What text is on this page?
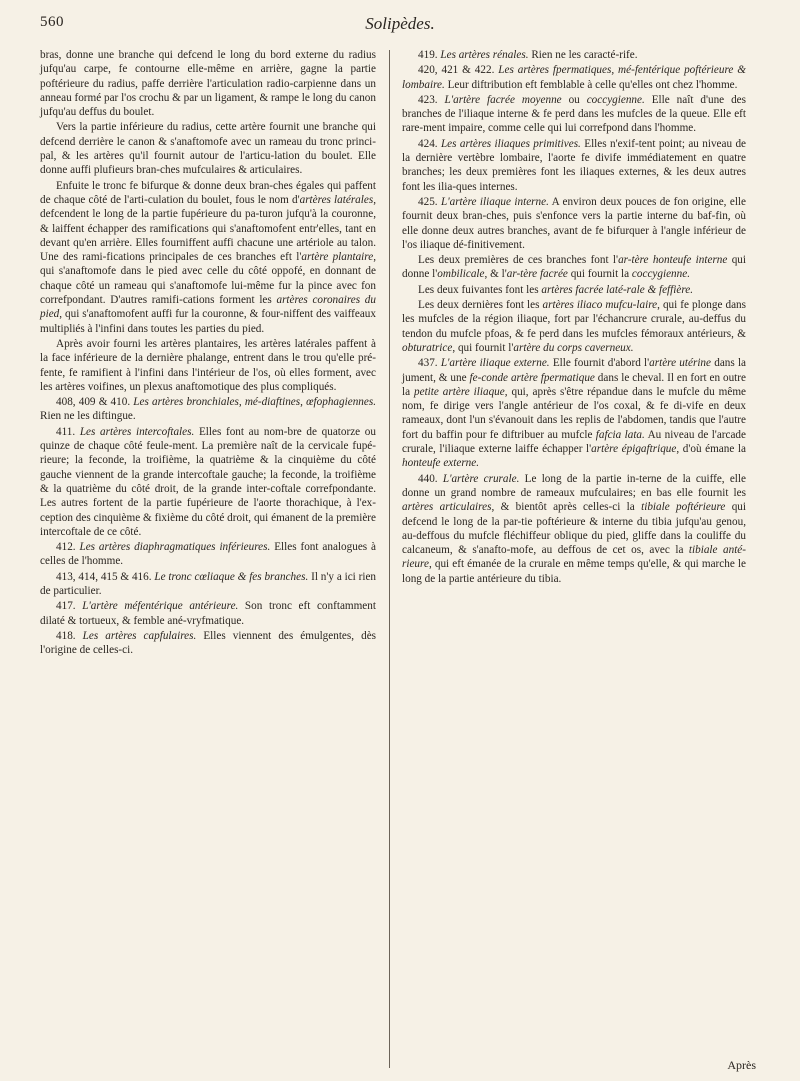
560	Solipèdes.

bras, donne une branche qui defcend le long du bord externe du radius jufqu'au carpe, fe contourne elle-même en arrière, gagne la partie poftérieure du radius, paffe derrière l'articulation radio-carpienne dans un anneau formé par l'os crochu & par un ligament, & rampe le long du canon jufqu'au deffus du boulet.

Vers la partie inférieure du radius, cette artère fournit une branche qui defcend derrière le canon & s'anaftomofe avec un rameau du tronc princi-pal, & les artères qu'il fournit autour de l'articu-lation du boulet. Elle donne auffi plufieurs bran-ches mufculaires & articulaires.

Enfuite le tronc fe bifurque & donne deux bran-ches égales qui paffent de chaque côté de l'arti-culation du boulet, fous le nom d'artères latérales, defcendent le long de la partie fupérieure du pa-turon jufqu'à la couronne, & laiffent échapper des ramifications qui s'anaftomofent entr'elles, tant en devant qu'en arrière. Elles fourniffent auffi chacune une artériole au talon. Une des rami-fications principales de ces branches eft l'artère plantaire, qui s'anaftomofe dans le pied avec celle du côté oppofé, en donnant de chaque côté un rameau qui s'anaftomofe lui-même fur la pince avec fon correfpondant. D'autres ramifi-cations forment les artères coronaires du pied, qui s'anaftomofent auffi fur la couronne, & four-niffent des vaiffeaux multipliés à l'infini dans toutes les parties du pied.

Après avoir fourni les artères plantaires, les artères latérales paffent à la face inférieure de la dernière phalange, entrent dans le trou qu'elle pré-fente, fe ramifient à l'infini dans l'intérieur de l'os, où elles forment, avec les artères voifines, un plexus anaftomotique des plus compliqués.

408, 409 & 410. Les artères bronchiales, mé-diaftines, œfophagiennes. Rien ne les diftingue.

411. Les artères intercoftales. Elles font au nom-bre de quatorze ou quinze de chaque côté feule-ment. La première naît de la cervicale fupé-rieure; la feconde, la troifième, la quatrième & la cinquième du côté gauche viennent de la grande intercoftale gauche; la feconde, la troifième & la quatrième du côté droit, de la grande inter-coftale correfpondante. Les autres fortent de la partie fupérieure de l'aorte thorachique, à l'ex-ception des cinquième & fixième du côté droit, qui émanent de la première intercoftale de ce côté.

412. Les artères diaphragmatiques inférieures. Elles font analogues à celles de l'homme.

413, 414, 415 & 416. Le tronc cœliaque & fes branches. Il n'y a ici rien de particulier.

417. L'artère méfentérique antérieure. Son tronc eft conftamment dilaté & tortueux, & femble ané-vryfmatique.

418. Les artères capfulaires. Elles viennent des émulgentes, dès l'origine de celles-ci.

419. Les artères rénales. Rien ne les caracté-rife.

420, 421 & 422. Les artères fpermatiques, mé-fentérique poftérieure & lombaire. Leur diftribution eft femblable à celle qu'elles ont chez l'homme.

423. L'artère facrée moyenne ou coccygienne. Elle naît d'une des branches de l'iliaque interne & fe perd dans les mufcles de la queue. Elle eft rare-ment impaire, comme celle qui lui correfpond dans l'homme.

424. Les artères iliaques primitives. Elles n'exif-tent point; au niveau de la dernière vertèbre lombaire, l'aorte fe divife immédiatement en quatre branches; les deux premières font les iliaques externes, & les deux autres font les ilia-ques internes.

425. L'artère iliaque interne. A environ deux pouces de fon origine, elle fournit deux bran-ches, puis s'enfonce vers la partie interne du baf-fin, où elle donne deux autres branches, avant de fe bifurquer à l'angle inférieur de l'os iliaque dé-finitivement.

Les deux premières de ces branches font l'ar-tère honteufe interne qui donne l'ombilicale, & l'ar-tère facrée qui fournit la coccygienne.

Les deux fuivantes font les artères facrée laté-rale & feffière.

Les deux dernières font les artères iliaco mufcu-laire, qui fe plonge dans les mufcles de la région iliaque, fort par l'échancrure crurale, au-deffus du tendon du mufcle pfoas, & fe perd dans les mufcles fémoraux antérieurs, & obturatrice, qui fournit l'artère du corps caverneux.

437. L'artère iliaque externe. Elle fournit d'abord l'artère utérine dans la jument, & une fe-conde artère fpermatique dans le cheval. Il en fort en outre la petite artère iliaque, qui, après s'être répandue dans le mufcle du même nom, fe dirige vers l'angle antérieur de l'os coxal, & fe di-vife en deux rameaux, dont l'un s'évanouit dans les replis de l'abdomen, tandis que l'autre fort du baffin pour fe diftribuer au mufcle fafcia lata. Au niveau de l'arcade crurale, l'iliaque externe laiffe échapper l'artère épigaftrique, d'où émane la honteufe externe.

440. L'artère crurale. Le long de la partie in-terne de la cuiffe, elle donne un grand nombre de rameaux mufculaires; en bas elle fournit les artères articulaires, & bientôt après celles-ci la tibiale poftérieure qui defcend le long de la par-tie poftérieure & interne du tibia jufqu'au genou, au-deffous du mufcle fléchiffeur oblique du pied, gliffe dans la couliffe du calcaneum, & s'anafto-mofe, au deffous de cet os, avec la tibiale anté-rieure, qui eft émanée de la crurale en même temps qu'elle, & qui marche le long de la partie antérieure du tibia.

Après
